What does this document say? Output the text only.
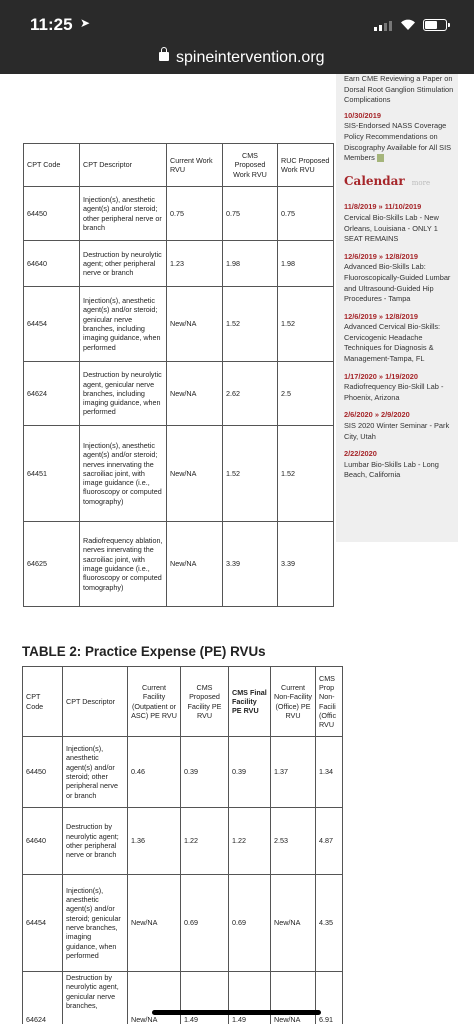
11:25 ➤
spineintervention.org
Earn CME Reviewing a Paper on Dorsal Root Ganglion Stimulation Complications
10/30/2019
SIS-Endorsed NASS Coverage Policy Recommendations on Discography Available for All SIS Members
Calendar more
11/8/2019 » 11/10/2019
Cervical Bio-Skills Lab - New Orleans, Louisiana - ONLY 1 SEAT REMAINS
12/6/2019 » 12/8/2019
Advanced Bio-Skills Lab: Fluoroscopically-Guided Lumbar and Ultrasound-Guided Hip Procedures - Tampa
12/6/2019 » 12/8/2019
Advanced Cervical Bio-Skills: Cervicogenic Headache Techniques for Diagnosis & Management-Tampa, FL
1/17/2020 » 1/19/2020
Radiofrequency Bio-Skill Lab - Phoenix, Arizona
2/6/2020 » 2/9/2020
SIS 2020 Winter Seminar - Park City, Utah
2/22/2020
Lumbar Bio-Skills Lab - Long Beach, California
CPT Code	CPT Descriptor	Current Work RVU	CMS Proposed Work RVU	RUC Proposed Work RVU
64450	Injection(s), anesthetic agent(s) and/or steroid; other peripheral nerve or branch	0.75	0.75	0.75
64640	Destruction by neurolytic agent; other peripheral nerve or branch	1.23	1.98	1.98
64454	Injection(s), anesthetic agent(s) and/or steroid; genicular nerve branches, including imaging guidance, when performed	New/NA	1.52	1.52
64624	Destruction by neurolytic agent, genicular nerve branches, including imaging guidance, when performed	New/NA	2.62	2.5
64451	Injection(s), anesthetic agent(s) and/or steroid; nerves innervating the sacroiliac joint, with image guidance (i.e., fluoroscopy or computed tomography)	New/NA	1.52	1.52
64625	Radiofrequency ablation, nerves innervating the sacroiliac joint, with image guidance (i.e., fluoroscopy or computed tomography)	New/NA	3.39	3.39
TABLE 2: Practice Expense (PE) RVUs
CPT Code	CPT Descriptor	Current Facility (Outpatient or ASC) PE RVU	CMS Proposed Facility PE RVU	CMS Final Facility PE RVU	Current Non-Facility (Office) PE RVU	CMS Prop Non-Facili (Offic RVU
64450	Injection(s), anesthetic agent(s) and/or steroid; other peripheral nerve or branch	0.46	0.39	0.39	1.37	1.34
64640	Destruction by neurolytic agent; other peripheral nerve or branch	1.36	1.22	1.22	2.53	4.87
64454	Injection(s), anesthetic agent(s) and/or steroid; genicular nerve branches, imaging guidance, when performed	New/NA	0.69	0.69	New/NA	4.35
64624	Destruction by neurolytic agent, genicular nerve branches,	New/NA	1.49	1.49	New/NA	6.91
